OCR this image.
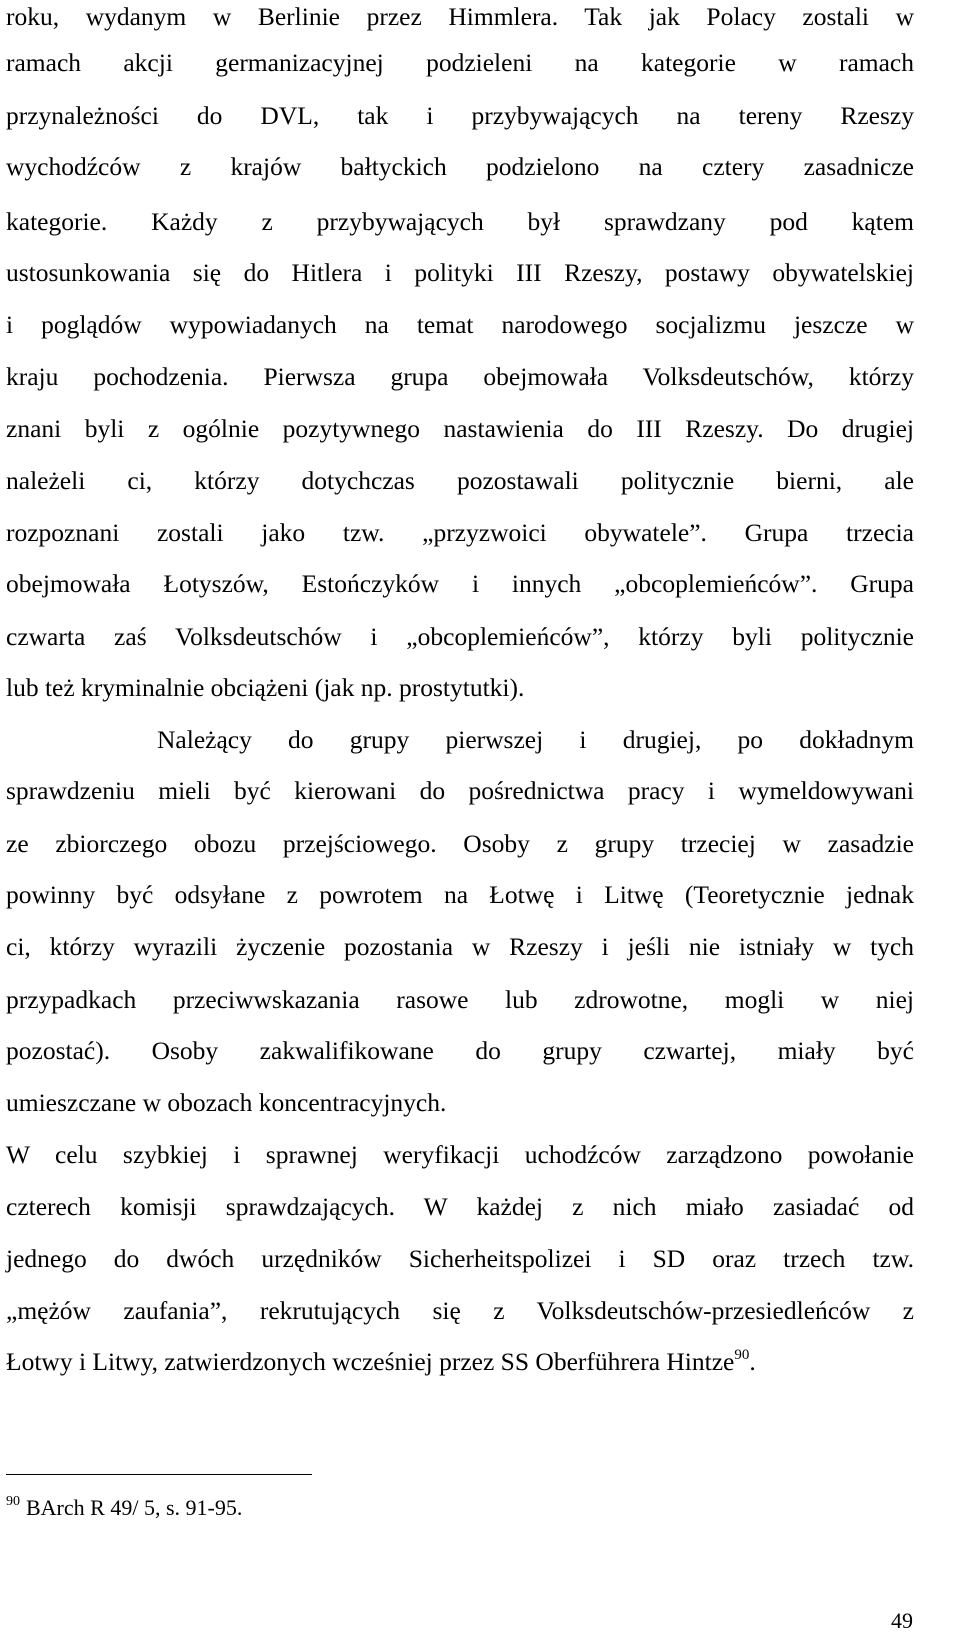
roku, wydanym w Berlinie przez Himmlera. Tak jak Polacy zostali w
ramach akcji germanizacyjnej podzieleni na kategorie w ramach
przynależności do DVL, tak i przybywających na tereny Rzeszy
wychodźców z krajów bałtyckich podzielono na cztery zasadnicze
kategorie. Każdy z przybywających był sprawdzany pod kątem
ustosunkowania się do Hitlera i polityki III Rzeszy, postawy obywatelskiej
i poglądów wypowiadanych na temat narodowego socjalizmu jeszcze w
kraju pochodzenia. Pierwsza grupa obejmowała Volksdeutschów, którzy
znani byli z ogólnie pozytywnego nastawienia do III Rzeszy. Do drugiej
należeli ci, którzy dotychczas pozostawali politycznie bierni, ale
rozpoznani zostali jako tzw. „przyzwoici obywatele”. Grupa trzecia
obejmowała Łotyszów, Estończyków i innych „obcoplemieńców”. Grupa
czwarta zaś Volksdeutschów i „obcoplemieńców”, którzy byli politycznie
lub też kryminalnie obciążeni (jak np. prostytutki).
Należący do grupy pierwszej i drugiej, po dokładnym
sprawdzeniu mieli być kierowani do pośrednictwa pracy i wymeldowywani
ze zbiorczego obozu przejściowego. Osoby z grupy trzeciej w zasadzie
powinny być odsyłane z powrotem na Łotwę i Litwę (Teoretycznie jednak
ci, którzy wyrazili życzenie pozostania w Rzeszy i jeśli nie istniały w tych
przypadkach przeciwwskazania rasowe lub zdrowotne, mogli w niej
pozostać). Osoby zakwalifikowane do grupy czwartej, miały być
umieszczane w obozach koncentracyjnych.
W celu szybkiej i sprawnej weryfikacji uchodźców zarządzono powołanie
czterech komisji sprawdzających. W każdej z nich miało zasiadać od
jednego do dwóch urzędników Sicherheitspolizei i SD oraz trzech tzw.
„mężów zaufania”, rekrutujących się z Volksdeutschów-przesiedleńców z
Łotwy i Litwy, zatwierdzonych wcześniej przez SS Oberführera Hintze$^{90}$.
$^{90}$ BArch R 49/ 5, s. 91-95.
49
